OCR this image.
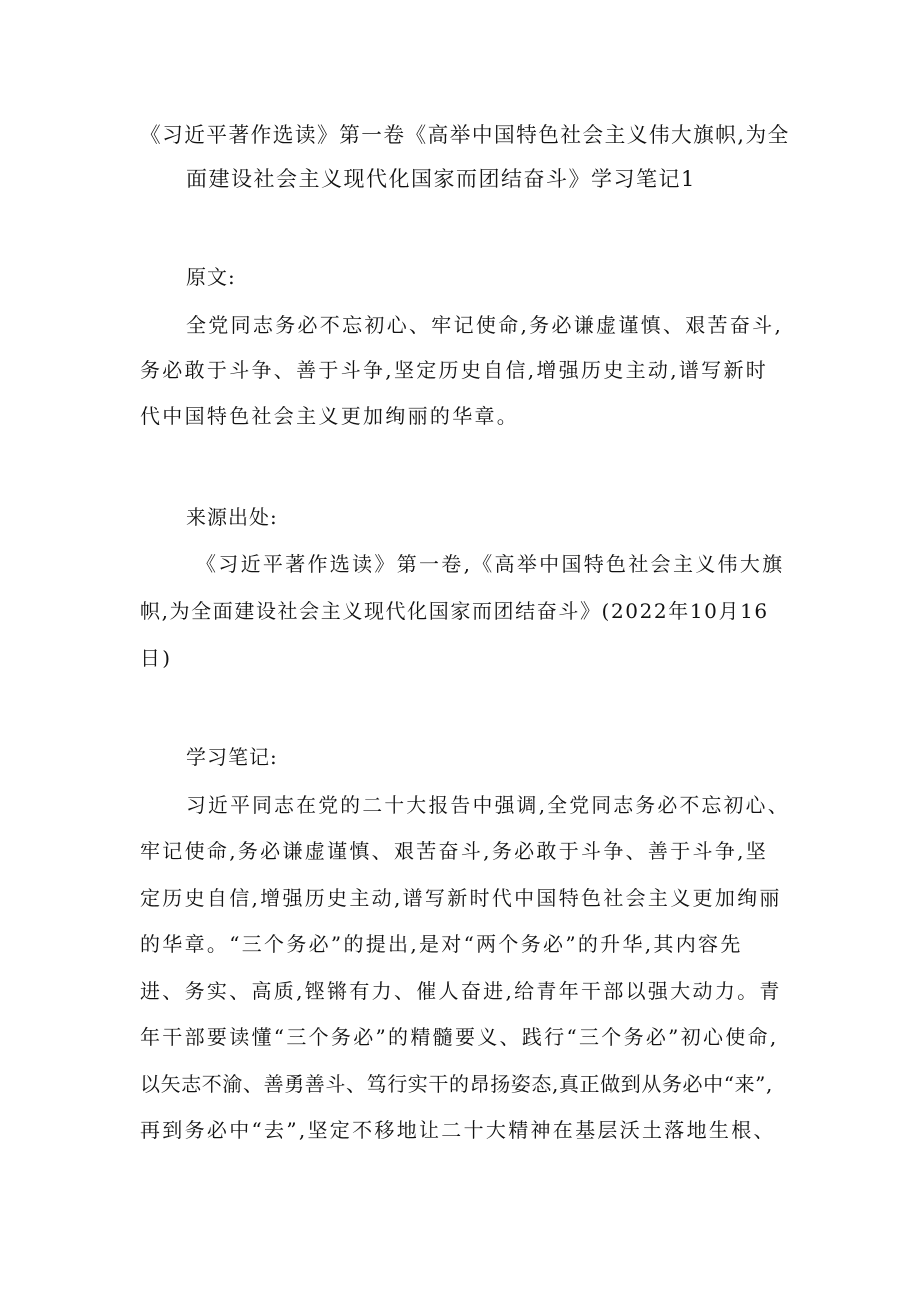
《习近平著作选读》第一卷《高举中国特色社会主义伟大旗帜,为全
面建设社会主义现代化国家而团结奋斗》学习笔记1
原文:
全党同志务必不忘初心、牢记使命,务必谦虚谨慎、艰苦奋斗,
务必敢于斗争、善于斗争,坚定历史自信,增强历史主动,谱写新时
代中国特色社会主义更加绚丽的华章。
来源出处:
《习近平著作选读》第一卷,《高举中国特色社会主义伟大旗
帜,为全面建设社会主义现代化国家而团结奋斗》(2022年10月16
日)
学习笔记:
习近平同志在党的二十大报告中强调,全党同志务必不忘初心、
牢记使命,务必谦虚谨慎、艰苦奋斗,务必敢于斗争、善于斗争,坚
定历史自信,增强历史主动,谱写新时代中国特色社会主义更加绚丽
的华章。“三个务必”的提出,是对“两个务必”的升华,其内容先
进、务实、高质,铿锵有力、催人奋进,给青年干部以强大动力。青
年干部要读懂“三个务必”的精髓要义、践行“三个务必”初心使命,
以矢志不渝、善勇善斗、笃行实干的昂扬姿态,真正做到从务必中“来”,
再到务必中“去”,坚定不移地让二十大精神在基层沃土落地生根、
